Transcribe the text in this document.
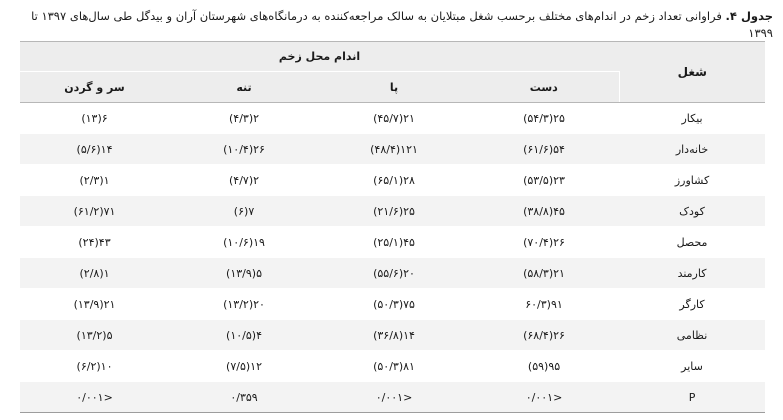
جدول ۴. فراوانی تعداد زخم در اندام‌های مختلف برحسب شغل مبتلایان به سالک مراجعه‌کننده به درمانگاه‌های شهرستان آران و بیدگل طی سال‌های ۱۳۹۷ تا ۱۳۹۹
شغل	اندام محل زخم			
	دست	پا	تنه	سر و گردن
بیکار	۲۵(۵۴/۳)	۲۱(۴۵/۷)	۲(۴/۳)	۶(۱۳)
خانه‌دار	۵۴(۶۱/۶)	۱۲۱(۴۸/۴)	۲۶(۱۰/۴)	۱۴(۵/۶)
کشاورز	۲۳(۵۳/۵)	۲۸(۶۵/۱)	۲(۴/۷)	۱(۲/۳)
کودک	۴۵(۳۸/۸)	۲۵(۲۱/۶)	۷(۶)	۷۱(۶۱/۲)
محصل	۲۶(۷۰/۴)	۴۵(۲۵/۱)	۱۹(۱۰/۶)	۴۳(۲۴)
کارمند	۲۱(۵۸/۳)	۲۰(۵۵/۶)	۵(۱۳/۹)	۱(۲/۸)
کارگر	۹۱(۶۰/۳	۷۵(۵۰/۳)	۲۰(۱۳/۲)	۲۱(۱۳/۹)
نظامی	۲۶(۶۸/۴)	۱۴(۳۶/۸)	۴(۱۰/۵)	۵(۱۳/۲)
سایر	۹۵(۵۹)	۸۱(۵۰/۳)	۱۲(۷/۵)	۱۰(۶/۲)
P	<۰/۰۰۱	<۰/۰۰۱	۰/۳۵۹	<۰/۰۰۱
